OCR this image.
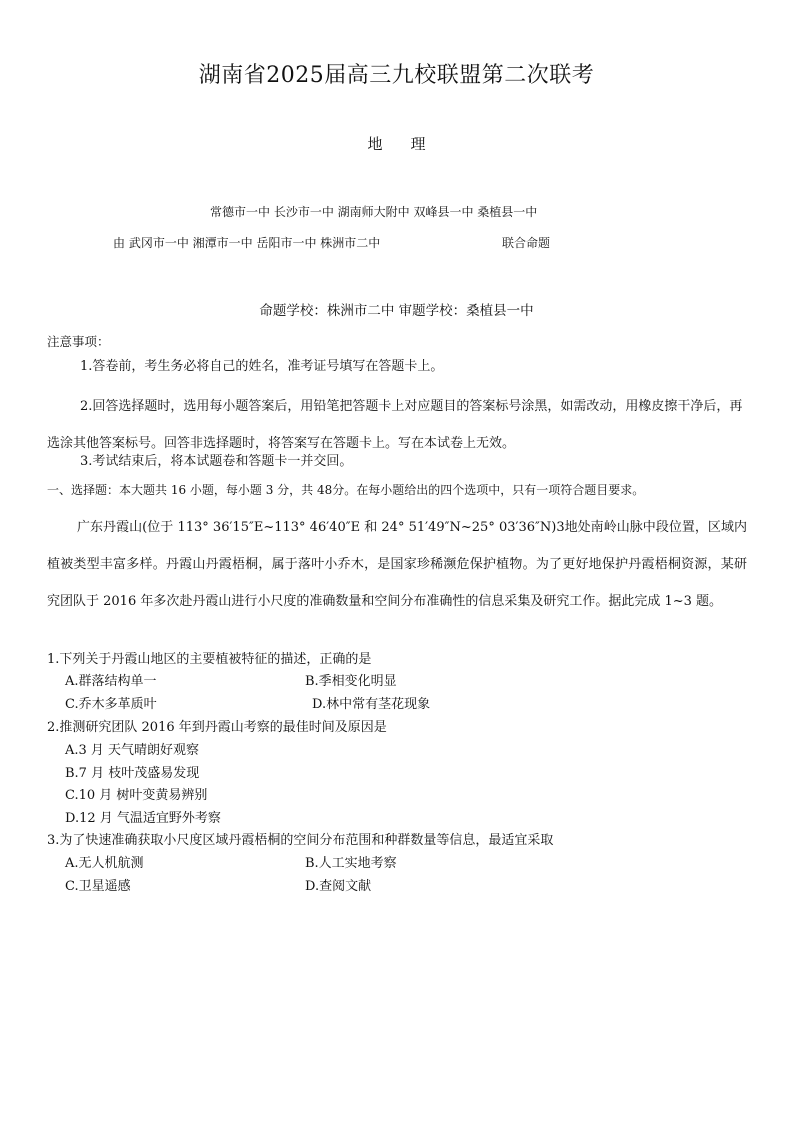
湖南省2025届高三九校联盟第二次联考
地 理
常德市一中 长沙市一中 湖南师大附中 双峰县一中 桑植县一中
由 武冈市一中 湘潭市一中 岳阳市一中 株洲市二中	联合命题
命题学校：株洲市二中 审题学校：桑植县一中
注意事项：
1.答卷前，考生务必将自己的姓名，准考证号填写在答题卡上。
2.回答选择题时，选用每小题答案后，用铅笔把答题卡上对应题目的答案标号涂黑，如需改动，用橡皮擦干净后，再选涂其他答案标号。回答非选择题时，将答案写在答题卡上。写在本试卷上无效。
3.考试结束后，将本试题卷和答题卡一并交回。
一、选择题：本大题共 16 小题，每小题 3 分，共 48分。在每小题给出的四个选项中，只有一项符合题目要求。
广东丹霞山(位于 113° 36′15″E~113° 46′40″E 和 24° 51′49″N~25° 03′36″N)3地处南岭山脉中段位置，区域内植被类型丰富多样。丹霞山丹霞梧桐，属于落叶小乔木，是国家珍稀濒危保护植物。为了更好地保护丹霞梧桐资源，某研究团队于 2016 年多次赴丹霞山进行小尺度的准确数量和空间分布准确性的信息采集及研究工作。据此完成 1~3 题。
1.下列关于丹霞山地区的主要植被特征的描述，正确的是
A.群落结构单一	B.季相变化明显
C.乔木多革质叶	D.林中常有茎花现象
2.推测研究团队 2016 年到丹霞山考察的最佳时间及原因是
A.3 月 天气晴朗好观察
B.7 月 枝叶茂盛易发现
C.10 月 树叶变黄易辨别
D.12 月 气温适宜野外考察
3.为了快速准确获取小尺度区域丹霞梧桐的空间分布范围和种群数量等信息，最适宜采取
A.无人机航测	B.人工实地考察
C.卫星遥感	D.查阅文献
